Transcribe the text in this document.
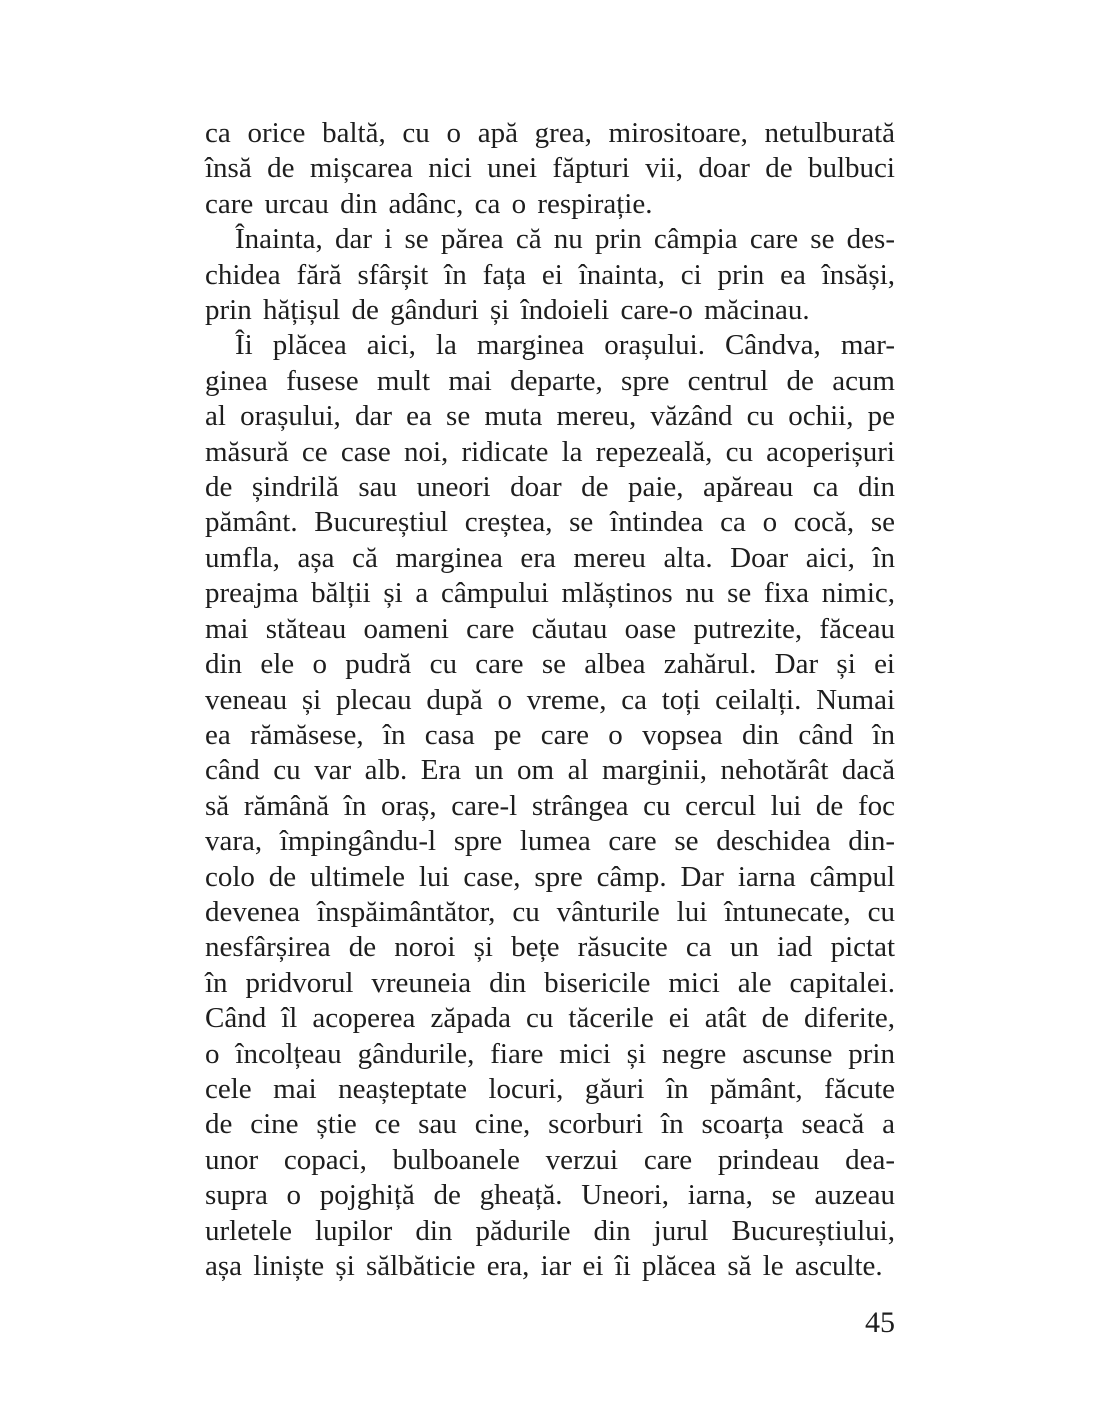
ca orice baltă, cu o apă grea, mirositoare, netulburată
însă de mișcarea nici unei făpturi vii, doar de bulbuci
care urcau din adânc, ca o respirație.
Înainta, dar i se părea că nu prin câmpia care se des-
chidea fără sfârșit în fața ei înainta, ci prin ea însăși,
prin hățișul de gânduri și îndoieli care-o măcinau.
Îi plăcea aici, la marginea orașului. Cândva, mar-
ginea fusese mult mai departe, spre centrul de acum
al orașului, dar ea se muta mereu, văzând cu ochii, pe
măsură ce case noi, ridicate la repezeală, cu acoperișuri
de șindrilă sau uneori doar de paie, apăreau ca din
pământ. Bucureștiul creștea, se întindea ca o cocă, se
umfla, așa că marginea era mereu alta. Doar aici, în
preajma bălții și a câmpului mlăștinos nu se fixa nimic,
mai stăteau oameni care căutau oase putrezite, făceau
din ele o pudră cu care se albea zahărul. Dar și ei
veneau și plecau după o vreme, ca toți ceilalți. Numai
ea rămăsese, în casa pe care o vopsea din când în
când cu var alb. Era un om al marginii, nehotărât dacă
să rămână în oraș, care-l strângea cu cercul lui de foc
vara, împingându-l spre lumea care se deschidea din-
colo de ultimele lui case, spre câmp. Dar iarna câmpul
devenea înspăimântător, cu vânturile lui întunecate, cu
nesfârșirea de noroi și bețe răsucite ca un iad pictat
în pridvorul vreuneia din bisericile mici ale capitalei.
Când îl acoperea zăpada cu tăcerile ei atât de diferite,
o încolțeau gândurile, fiare mici și negre ascunse prin
cele mai neașteptate locuri, găuri în pământ, făcute
de cine știe ce sau cine, scorburi în scoarța seacă a
unor copaci, bulboanele verzui care prindeau dea-
supra o pojghiță de gheață. Uneori, iarna, se auzeau
urletele lupilor din pădurile din jurul Bucureștiului,
așa liniște și sălbăticie era, iar ei îi plăcea să le asculte.
45
